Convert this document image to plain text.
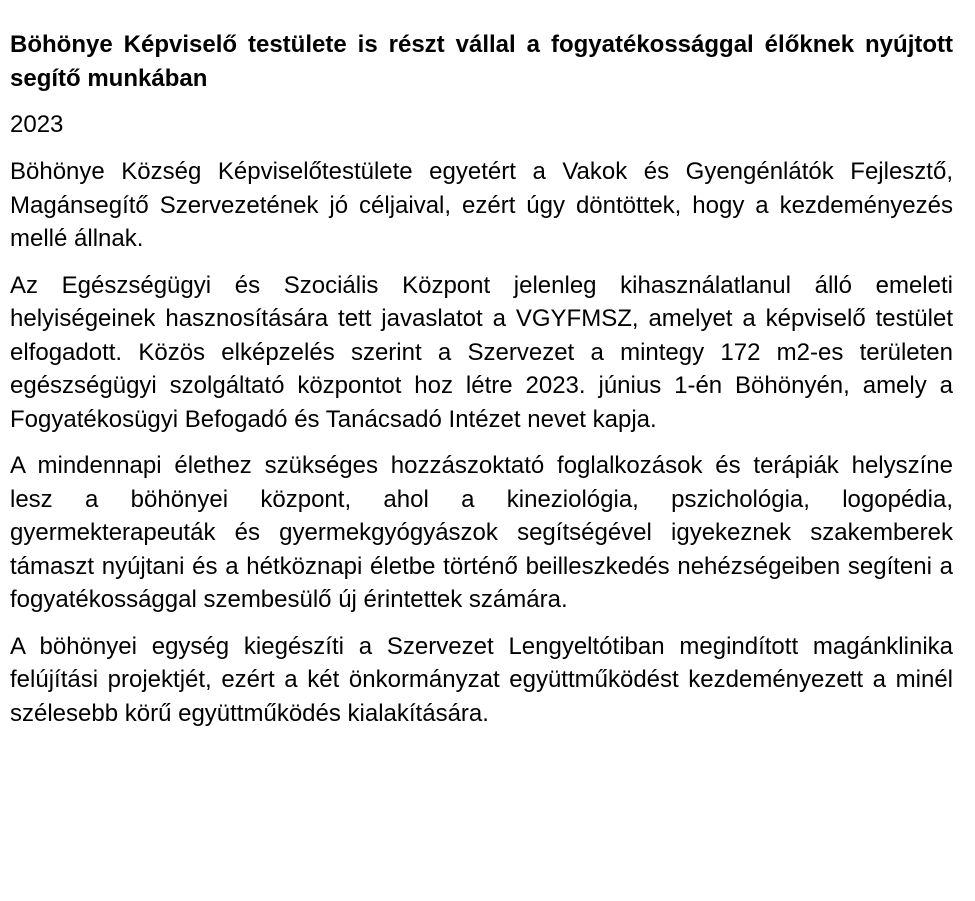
Böhönye Képviselő testülete is részt vállal a fogyatékossággal élőknek nyújtott segítő munkában

2023

Böhönye Község Képviselőtestülete egyetért a Vakok és Gyengénlátók Fejlesztő, Magánsegítő Szervezetének jó céljaival, ezért úgy döntöttek, hogy a kezdeményezés mellé állnak.

Az Egészségügyi és Szociális Központ jelenleg kihasználatlanul álló emeleti helyiségeinek hasznosítására tett javaslatot a VGYFMSZ, amelyet a képviselő testület elfogadott. Közös elképzelés szerint a Szervezet a mintegy 172 m2-es területen egészségügyi szolgáltató központot hoz létre 2023. június 1-én Böhönyén, amely a Fogyatékosügyi Befogadó és Tanácsadó Intézet nevet kapja.

A mindennapi élethez szükséges hozzászoktató foglalkozások és terápiák helyszíne lesz a böhönyei központ, ahol a kineziológia, pszichológia, logopédia, gyermekterapeuták és gyermekgyógyászok segítségével igyekeznek szakemberek támaszt nyújtani és a hétköznapi életbe történő beilleszkedés nehézségeiben segíteni a fogyatékossággal szembesülő új érintettek számára.

A böhönyei egység kiegészíti a Szervezet Lengyeltótiban megindított magánklinika felújítási projektjét, ezért a két önkormányzat együttműködést kezdeményezett a minél szélesebb körű együttműködés kialakítására.
